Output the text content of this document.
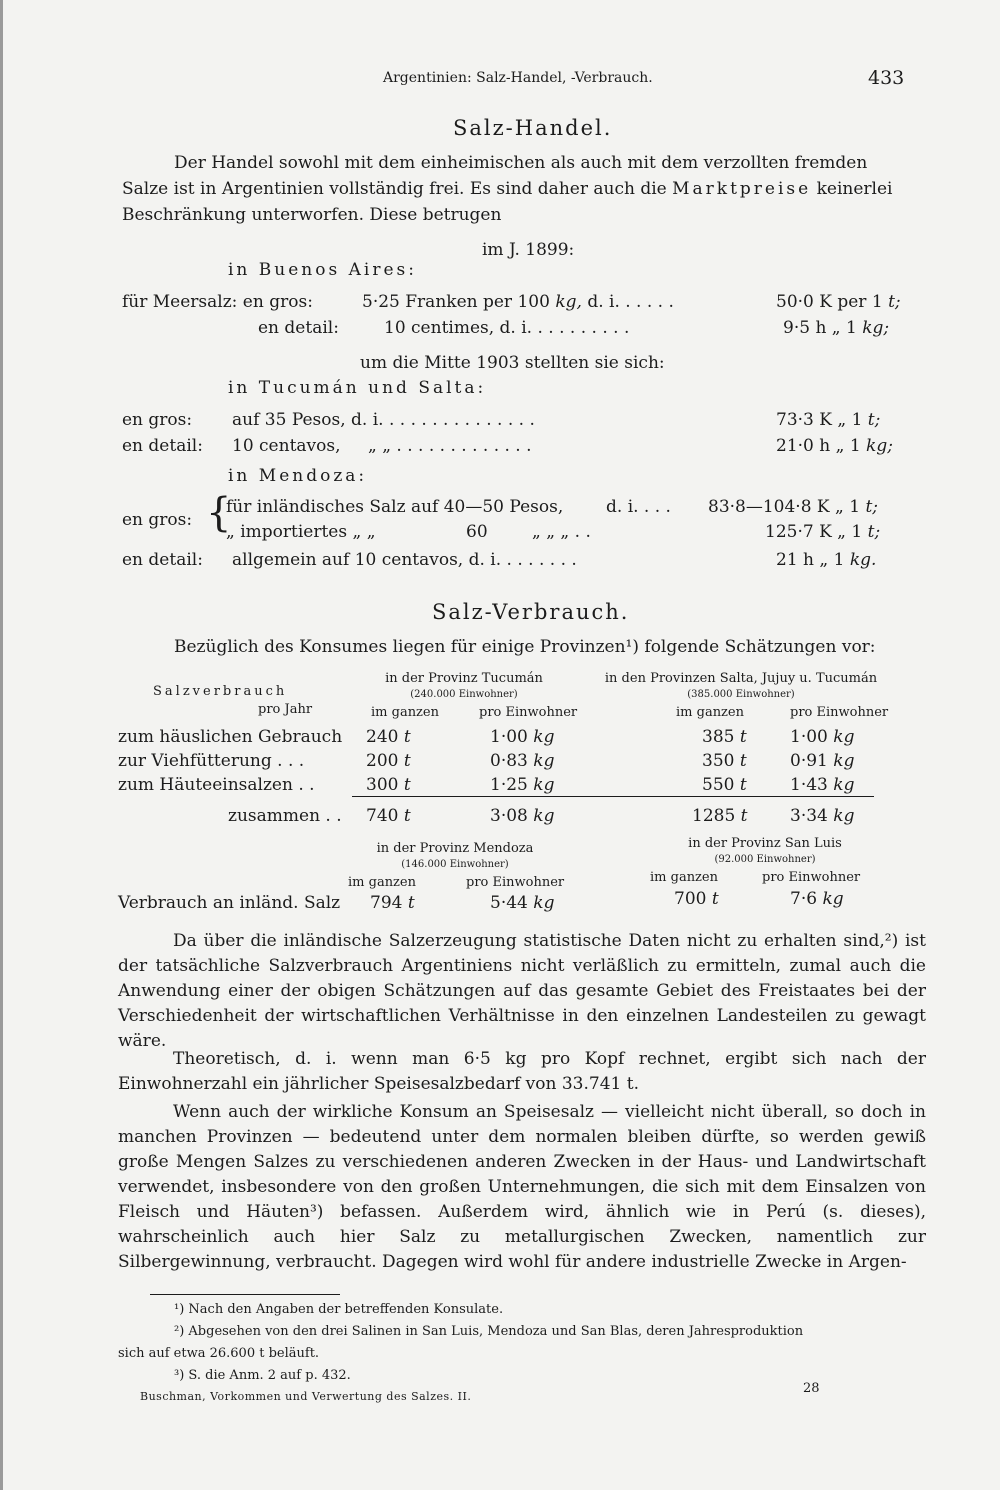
Argentinien: Salz-Handel, -Verbrauch.	433
Salz-Handel.
Der Handel sowohl mit dem einheimischen als auch mit dem verzollten fremden
Salze ist in Argentinien vollständig frei. Es sind daher auch die Marktpreise keinerlei
Beschränkung unterworfen. Diese betrugen
im J. 1899:
in Buenos Aires:
für Meersalz: en gros:	5·25 Franken per 100 kg, d. i. . . . . .	50·0 K per 1 t;
en detail:	10 centimes, d. i. . . . . . . . . .	9·5 h „ 1 kg;
um die Mitte 1903 stellten sie sich:
in Tucumán und Salta:
en gros: auf 35 Pesos, d. i. . . . . . . . . . . . . . .	73·3 K „ 1 t;
en detail: 10 centavos, „ „ . . . . . . . . . . . . .	21·0 h „ 1 kg;
in Mendoza:
en gros: {
für inländisches Salz auf 40—50 Pesos,	d. i. . . . 83·8—104·8 K „ 1 t;
„ importiertes „ „	60	„ „ „ . .	125·7 K „ 1 t;
en detail: allgemein auf 10 centavos, d. i. . . . . . . .	21 h „ 1 kg.
Salz-Verbrauch.
Bezüglich des Konsumes liegen für einige Provinzen¹) folgende Schätzungen vor:
Salzverbrauch
pro Jahr
in der Provinz Tucumán
(240.000 Einwohner)
in den Provinzen Salta, Jujuy u. Tucumán
(385.000 Einwohner)
im ganzen	pro Einwohner	im ganzen	pro Einwohner
zum häuslichen Gebrauch 240 t	1·00 kg	385 t	1·00 kg
zur Viehfütterung . . .	200 t	0·83 kg	350 t	0·91 kg
zum Häuteeinsalzen . .	300 t	1·25 kg	550 t	1·43 kg
zusammen . . 740 t	3·08 kg	1285 t 3·34 kg
in der Provinz Mendoza
(146.000 Einwohner)
in der Provinz San Luis
(92.000 Einwohner)
im ganzen	pro Einwohner	im ganzen	pro Einwohner
Verbrauch an inländ. Salz 794 t	5·44 kg	700 t	7·6 kg
Da über die inländische Salzerzeugung statistische Daten nicht zu erhalten sind,²) ist der tatsächliche Salzverbrauch Argentiniens nicht verläßlich zu ermitteln, zumal auch die Anwendung einer der obigen Schätzungen auf das gesamte Gebiet des Freistaates bei der Verschiedenheit der wirtschaftlichen Verhältnisse in den einzelnen Landesteilen zu gewagt wäre.
Theoretisch, d. i. wenn man 6·5 kg pro Kopf rechnet, ergibt sich nach der Einwohnerzahl ein jährlicher Speisesalzbedarf von 33.741 t.
Wenn auch der wirkliche Konsum an Speisesalz — vielleicht nicht überall, so doch in manchen Provinzen — bedeutend unter dem normalen bleiben dürfte, so werden gewiß große Mengen Salzes zu verschiedenen anderen Zwecken in der Haus- und Landwirtschaft verwendet, insbesondere von den großen Unternehmungen, die sich mit dem Einsalzen von Fleisch und Häuten³) befassen. Außerdem wird, ähnlich wie in Perú (s. dieses), wahrscheinlich auch hier Salz zu metallurgischen Zwecken, namentlich zur Silbergewinnung, verbraucht. Dagegen wird wohl für andere industrielle Zwecke in Argen-
¹) Nach den Angaben der betreffenden Konsulate.
²) Abgesehen von den drei Salinen in San Luis, Mendoza und San Blas, deren Jahresproduktion
sich auf etwa 26.600 t beläuft.
³) S. die Anm. 2 auf p. 432.
Buschman, Vorkommen und Verwertung des Salzes. II.
28
